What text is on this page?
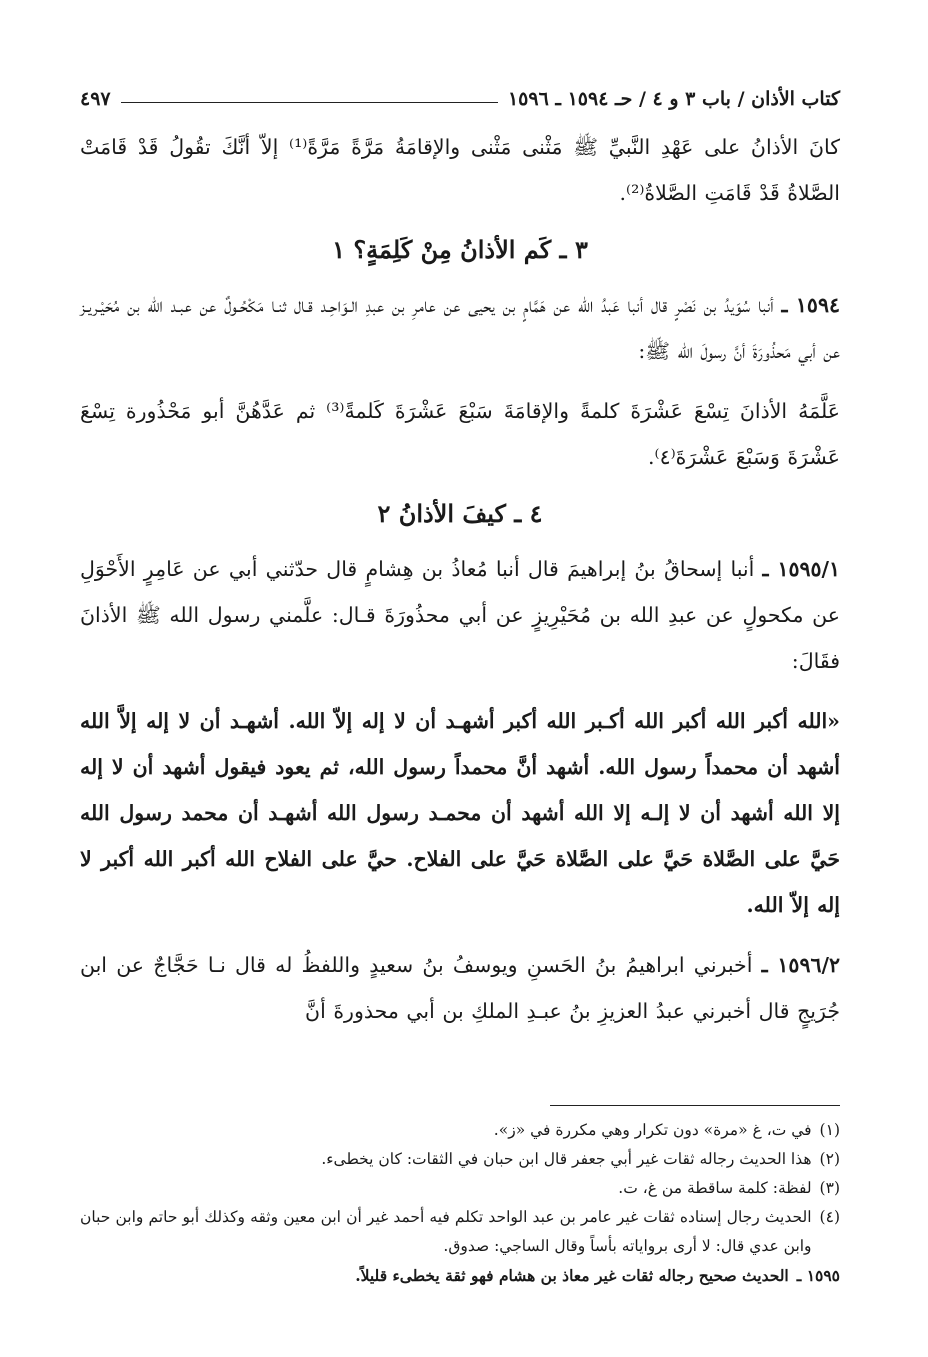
كتاب الأذان / باب ٣ و ٤ / حـ ١٥٩٤ ـ ١٥٩٦
٤٩٧

كانَ الأذانُ على عَهْدِ النَّبيِّ ﷺ مَثْنى مَثْنى والإقامَةُ مَرَّةً مَرَّةً⁽¹⁾ إلاّ أنَّكَ تقُولُ قَدْ قَامَتْ الصَّلاةُ قَدْ قَامَتِ الصَّلاةُ⁽²⁾.

٣ ـ كَم الأذانُ مِنْ كَلِمَةٍ؟ ١

١٥٩٤ ـ أنبا سُوَيدُ بن نَصْرٍ قال أنبا عَبدُ الله عن هَمَّامٍ بن يحيى عن عامرِ بن عبدِ الـوَاحِـد قـال ثنـا مَكْحُـولٌ عن عبـد الله بن مُحَيْـريـز عن أبي مَحذُورَةَ أنَّ رسولَ الله ﷺ:

عَلَّمَهُ الأذانَ تِسْعَ عَشْرَةَ كلمةً والإقامَةَ سَبْعَ عَشْرَةَ كَلمةً⁽³⁾ ثم عَدَّهُنَّ أبو مَحْذُورة تِسْعَ عَشْرَةَ وَسَبْعَ عَشْرَةَ⁽٤⁾.

٤ ـ كيفَ الأذانُ ٢

١٥٩٥/١ ـ أنبا إسحاقُ بنُ إبراهيمَ قال أنبا مُعاذُ بن هِشامٍ قال حدّثني أبي عن عَامِرٍ الأَحْوَلِ عن مكحولٍ عن عبدِ الله بن مُحَيْرِيزٍ عن أبي محذُورَةَ قـال: علَّمني رسول الله ﷺ الأذانَ فقَالَ:

«الله أكبر الله أكبر الله أكـبر الله أكبر أشهـد أن لا إله إلاّ الله. أشهـد أن لا إله إلاَّ الله أشهد أن محمداً رسول الله. أشهد أنَّ محمداً رسول الله، ثم يعود فيقول أشهد أن لا إله إلا الله أشهد أن لا إلـه إلا الله أشهد أن محمـد رسول الله أشهـد أن محمد رسول الله حَيَّ على الصَّلاة حَيَّ على الصَّلاة حَيَّ على الفلاح. حيَّ على الفلاح الله أكبر الله أكبر لا إله إلاّ الله.

١٥٩٦/٢ ـ أخبرني ابراهيمُ بنُ الحَسنِ ويوسفُ بنُ سعيدٍ واللفظُ له قال نـا حَجَّاجٌ عن ابن جُرَيجٍ قال أخبرني عبدُ العزيزِ بنُ عبـدِ الملكِ بن أبي محذورةَ أنَّ

(١)
في ت، غ «مرة» دون تكرار وهي مكررة في «ز».

(٢)
هذا الحديث رجاله ثقات غير أبي جعفر قال ابن حبان في الثقات: كان يخطىء.

(٣)
لفظة: كلمة ساقطة من غ، ت.

(٤)
الحديث رجال إسناده ثقات غير عامر بن عبد الواحد تكلم فيه أحمد غير أن ابن معين وثقه وكذلك أبو حاتم وابن حبان وابن عدي قال: لا أرى برواياته بأساً وقال الساجي: صدوق.

١٥٩٥ ـ
الحديث صحيح رجاله ثقات غير معاذ بن هشام فهو ثقة يخطىء قليلاً.
